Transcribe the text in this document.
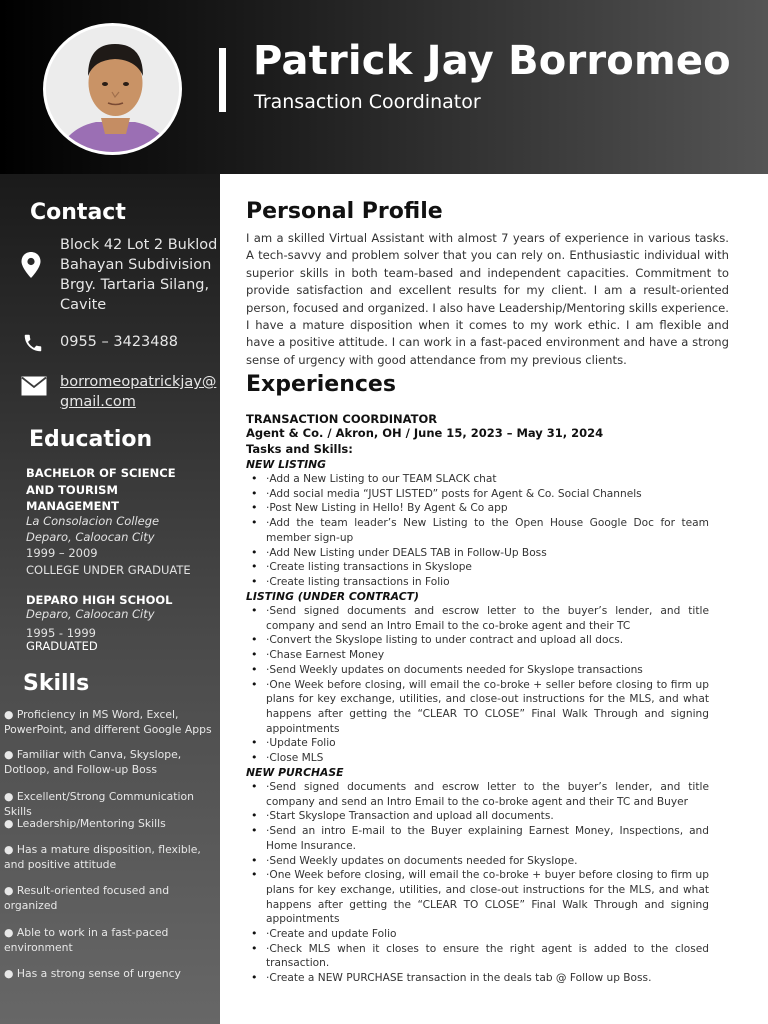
Patrick Jay Borromeo
Transaction Coordinator
Contact
Block 42 Lot 2 Buklod
Bahayan Subdivision
Brgy. Tartaria Silang,
Cavite
0955 – 3423488
borromeopatrickjay@
gmail.com
Education
BACHELOR OF SCIENCE
AND TOURISM
MANAGEMENT
La Consolacion College
Deparo, Caloocan City
1999 – 2009
COLLEGE UNDER GRADUATE
DEPARO HIGH SCHOOL
Deparo, Caloocan City
1995 - 1999
GRADUATED
Skills
● Proficiency in MS Word, Excel, PowerPoint, and different Google Apps
● Familiar with Canva, Skyslope, Dotloop, and Follow-up Boss
● Excellent/Strong Communication Skills
● Leadership/Mentoring Skills
● Has a mature disposition, flexible, and positive attitude
● Result-oriented focused and organized
● Able to work in a fast-paced environment
● Has a strong sense of urgency
Personal Profile
I am a skilled Virtual Assistant with almost 7 years of experience in various tasks. A tech-savvy and problem solver that you can rely on. Enthusiastic individual with superior skills in both team-based and independent capacities. Commitment to provide satisfaction and excellent results for my client. I am a result-oriented person, focused and organized. I also have Leadership/Mentoring skills experience. I have a mature disposition when it comes to my work ethic. I am flexible and have a positive attitude. I can work in a fast-paced environment and have a strong sense of urgency with good attendance from my previous clients.
Experiences
TRANSACTION COORDINATOR
Agent & Co. / Akron, OH / June 15, 2023 – May 31, 2024
Tasks and Skills:
NEW LISTING
• ·Add a New Listing to our TEAM SLACK chat
• ·Add social media “JUST LISTED” posts for Agent & Co. Social Channels
• ·Post New Listing in Hello! By Agent & Co app
• ·Add the team leader’s New Listing to the Open House Google Doc for team member sign-up
• ·Add New Listing under DEALS TAB in Follow-Up Boss
• ·Create listing transactions in Skyslope
• ·Create listing transactions in Folio
LISTING (UNDER CONTRACT)
• ·Send signed documents and escrow letter to the buyer’s lender, and title company and send an Intro Email to the co-broke agent and their TC
• ·Convert the Skyslope listing to under contract and upload all docs.
• ·Chase Earnest Money
• ·Send Weekly updates on documents needed for Skyslope transactions
• ·One Week before closing, will email the co-broke + seller before closing to firm up plans for key exchange, utilities, and close-out instructions for the MLS, and what happens after getting the “CLEAR TO CLOSE” Final Walk Through and signing appointments
• ·Update Folio
• ·Close MLS
NEW PURCHASE
• ·Send signed documents and escrow letter to the buyer’s lender, and title company and send an Intro Email to the co-broke agent and their TC and Buyer
• ·Start Skyslope Transaction and upload all documents.
• ·Send an intro E-mail to the Buyer explaining Earnest Money, Inspections, and Home Insurance.
• ·Send Weekly updates on documents needed for Skyslope.
• ·One Week before closing, will email the co-broke + buyer before closing to firm up plans for key exchange, utilities, and close-out instructions for the MLS, and what happens after getting the “CLEAR TO CLOSE” Final Walk Through and signing appointments
• ·Create and update Folio
• ·Check MLS when it closes to ensure the right agent is added to the closed transaction.
• ·Create a NEW PURCHASE transaction in the deals tab @ Follow up Boss.
